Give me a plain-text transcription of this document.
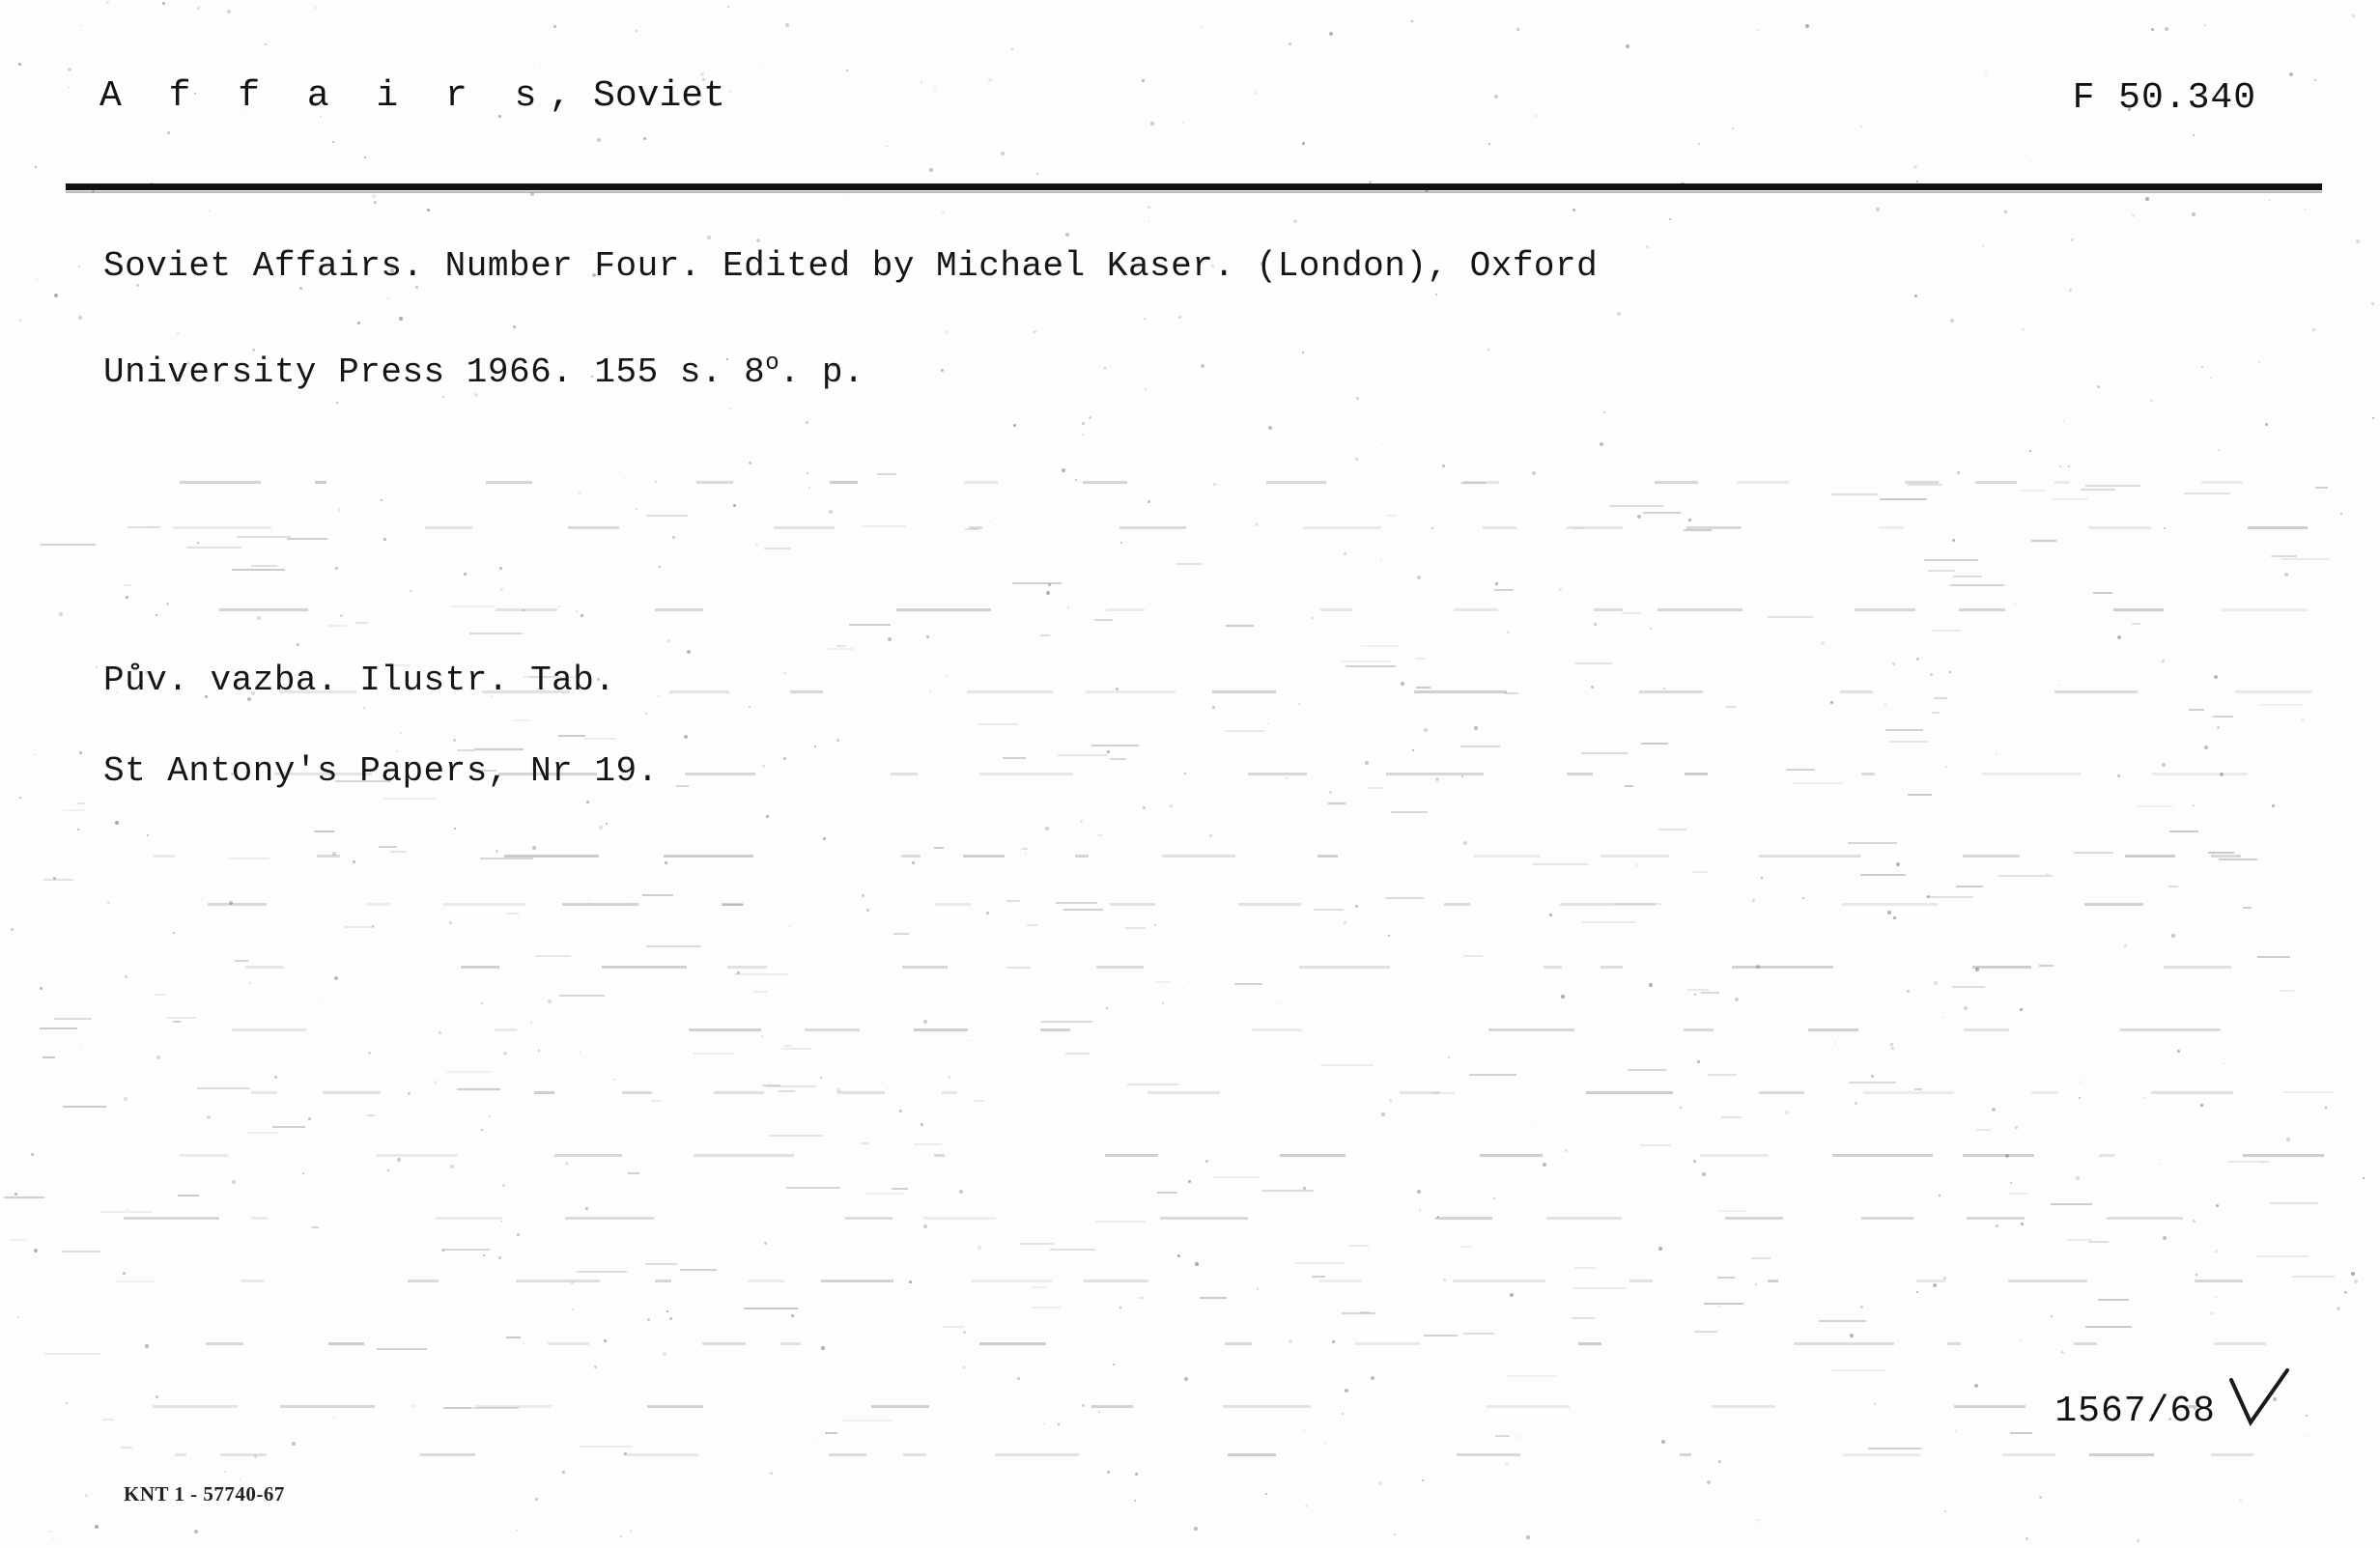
A f f a i r s, Soviet	F 50.340
Soviet Affairs. Number Four. Edited by Michael Kaser. (London), Oxford
University Press 1966. 155 s. 8$^o$. p.
Pův. vazba. Ilustr. Tab.
St Antony's Papers, Nr 19.
1567/68
KNT 1 - 57740-67
